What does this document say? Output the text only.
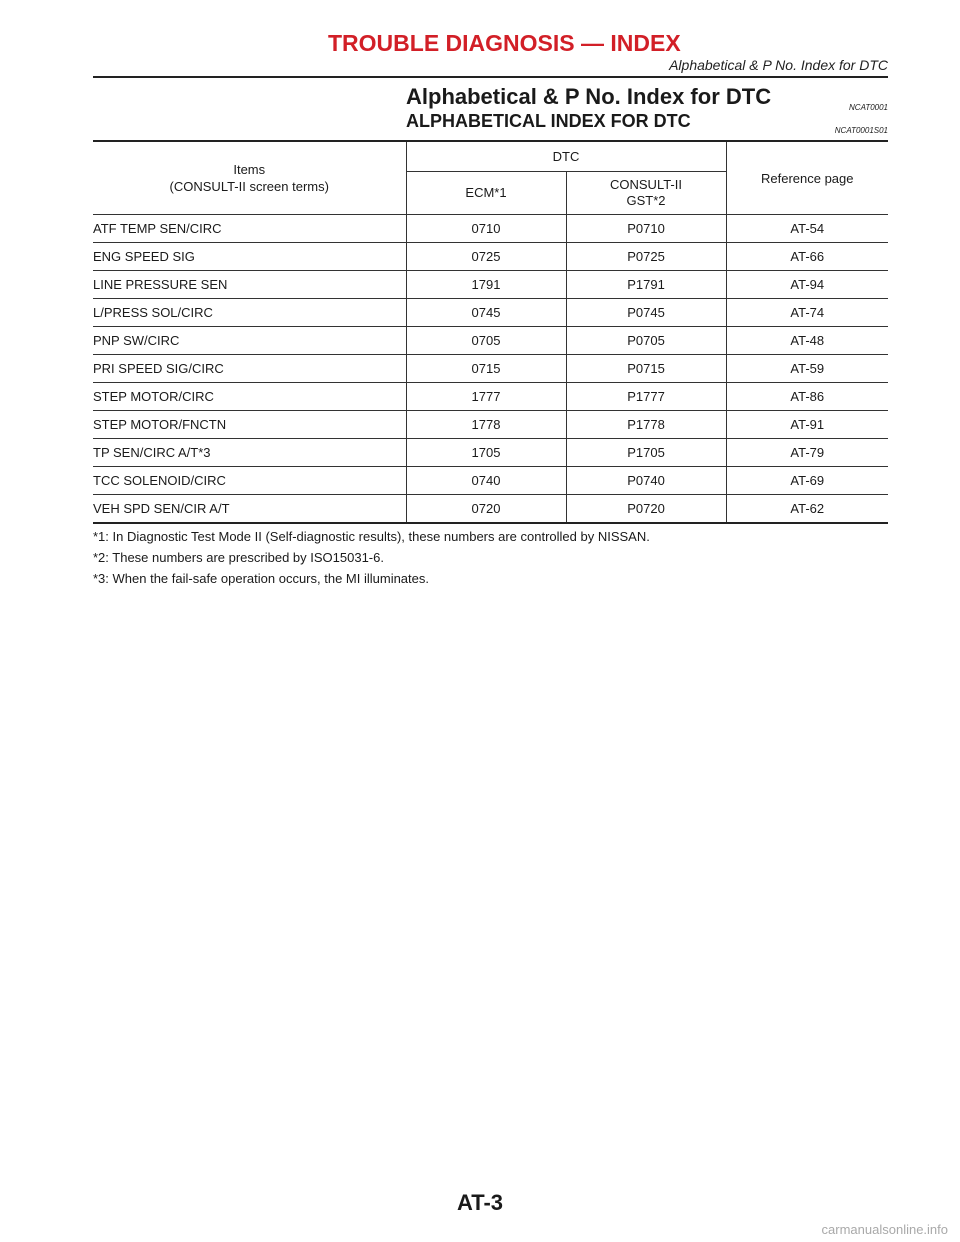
TROUBLE DIAGNOSIS — INDEX
Alphabetical & P No. Index for DTC
Alphabetical & P No. Index for DTC	NCAT0001
ALPHABETICAL INDEX FOR DTC	NCAT0001S01
Items
(CONSULT-II screen terms)	DTC		Reference page
	ECM*1	CONSULT-II
GST*2	

ATF TEMP SEN/CIRC	0710	P0710	AT-54
ENG SPEED SIG	0725	P0725	AT-66
LINE PRESSURE SEN	1791	P1791	AT-94
L/PRESS SOL/CIRC	0745	P0745	AT-74
PNP SW/CIRC	0705	P0705	AT-48
PRI SPEED SIG/CIRC	0715	P0715	AT-59
STEP MOTOR/CIRC	1777	P1777	AT-86
STEP MOTOR/FNCTN	1778	P1778	AT-91
TP SEN/CIRC A/T*3	1705	P1705	AT-79
TCC SOLENOID/CIRC	0740	P0740	AT-69
VEH SPD SEN/CIR A/T	0720	P0720	AT-62
*1: In Diagnostic Test Mode II (Self-diagnostic results), these numbers are controlled by NISSAN.
*2: These numbers are prescribed by ISO15031-6.
*3: When the fail-safe operation occurs, the MI illuminates.
AT-3
carmanualsonline.info
